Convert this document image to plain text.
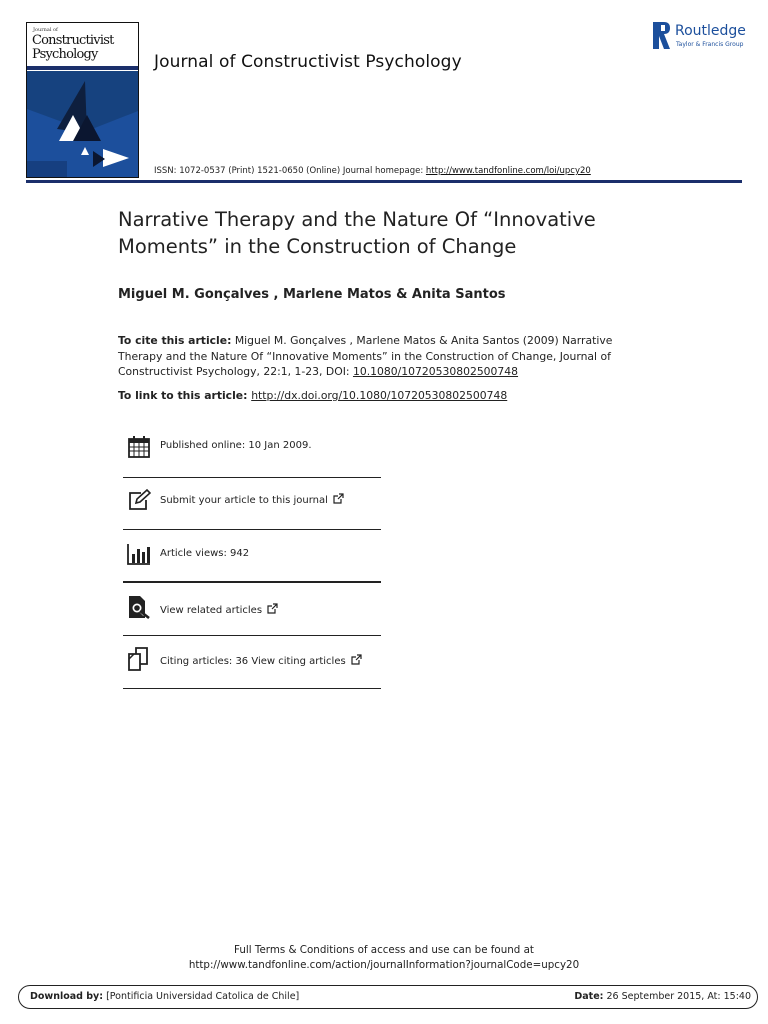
Journal of
Constructivist
Psychology	Journal of Constructivist Psychology
Routledge
Taylor & Francis Group
ISSN: 1072-0537 (Print) 1521-0650 (Online) Journal homepage: http://www.tandfonline.com/loi/upcy20
Narrative Therapy and the Nature Of “Innovative Moments” in the Construction of Change
Miguel M. Gonçalves , Marlene Matos & Anita Santos
To cite this article: Miguel M. Gonçalves , Marlene Matos & Anita Santos (2009) Narrative Therapy and the Nature Of “Innovative Moments” in the Construction of Change, Journal of Constructivist Psychology, 22:1, 1-23, DOI: 10.1080/10720530802500748
To link to this article: http://dx.doi.org/10.1080/10720530802500748
Published online: 10 Jan 2009.
Submit your article to this journal
Article views: 942
View related articles
Citing articles: 36 View citing articles
Full Terms & Conditions of access and use can be found at
http://www.tandfonline.com/action/journalInformation?journalCode=upcy20
Download by: [Pontificia Universidad Catolica de Chile]	Date: 26 September 2015, At: 15:40
